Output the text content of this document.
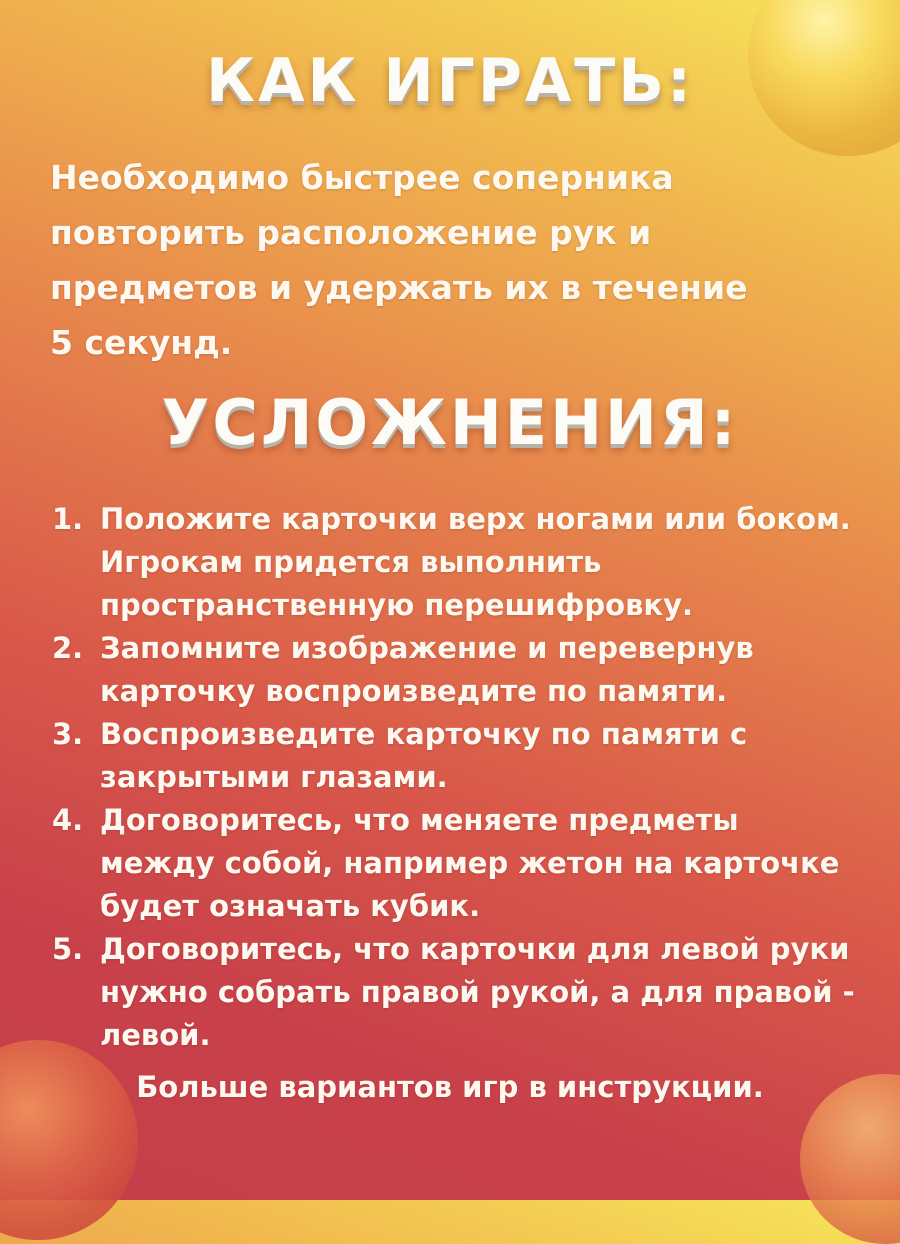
КАК ИГРАТЬ:

Необходимо быстрее соперника
повторить расположение рук и
предметов и удержать их в течение
5 секунд.

УСЛОЖНЕНИЯ:
1. Положите карточки верх ногами или боком.
Игрокам придется выполнить
пространственную перешифровку.
2. Запомните изображение и перевернув
карточку воспроизведите по памяти.
3. Воспроизведите карточку по памяти с
закрытыми глазами.
4. Договоритесь, что меняете предметы
между собой, например жетон на карточке
будет означать кубик.
5. Договоритесь, что карточки для левой руки
нужно собрать правой рукой, а для правой -
левой.
Больше вариантов игр в инструкции.
